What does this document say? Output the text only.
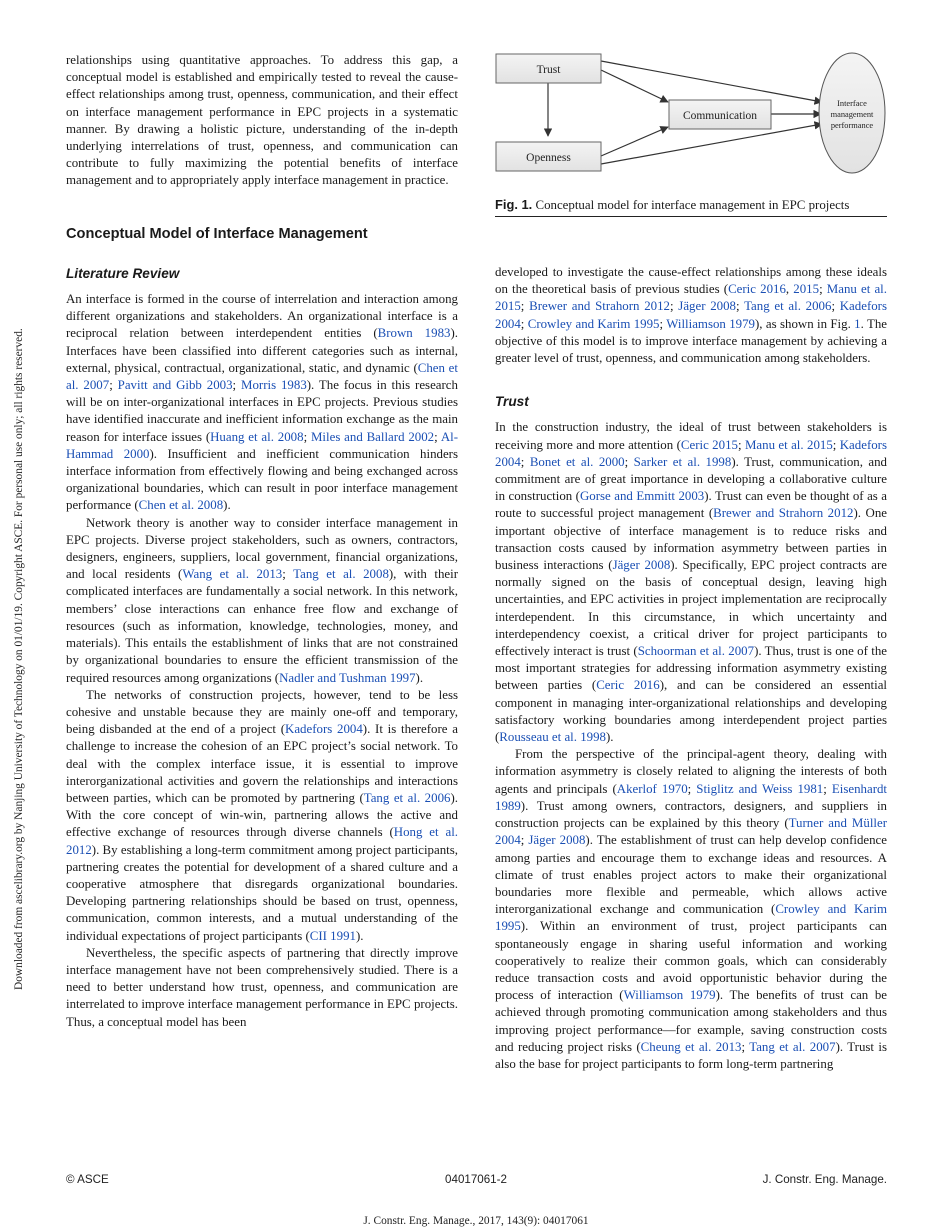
Downloaded from ascelibrary.org by Nanjing University of Technology on 01/01/19. Copyright ASCE. For personal use only; all rights reserved.
Trust
Openness
Communication
Interface
management
performance
Fig. 1. Conceptual model for interface management in EPC projects

relationships using quantitative approaches. To address this gap, a conceptual model is established and empirically tested to reveal the cause-effect relationships among trust, openness, communication, and their effect on interface management performance in EPC projects in a systematic manner. By drawing a holistic picture, understanding of the in-depth underlying interrelations of trust, openness, and communication can contribute to fully maximizing the potential benefits of interface management and to appropriately apply interface management in practice.

Conceptual Model of Interface Management
Literature Review

An interface is formed in the course of interrelation and interaction among different organizations and stakeholders. An organizational interface is a reciprocal relation between interdependent entities (Brown 1983). Interfaces have been classified into different categories such as internal, external, physical, contractual, organizational, static, and dynamic (Chen et al. 2007; Pavitt and Gibb 2003; Morris 1983). The focus in this research will be on inter-organizational interfaces in EPC projects. Previous studies have identified inaccurate and inefficient information exchange as the main reason for interface issues (Huang et al. 2008; Miles and Ballard 2002; Al-Hammad 2000). Insufficient and inefficient communication hinders interface information from effectively flowing and being exchanged across organizational boundaries, which can result in poor interface management performance (Chen et al. 2008).

Network theory is another way to consider interface management in EPC projects. Diverse project stakeholders, such as owners, contractors, designers, engineers, suppliers, local government, financial organizations, and local residents (Wang et al. 2013; Tang et al. 2008), with their complicated interfaces are fundamentally a social network. In this network, members’ close interactions can enhance free flow and exchange of resources (such as information, knowledge, technologies, money, and materials). This entails the establishment of links that are not constrained by organizational boundaries to ensure the efficient transmission of the required resources among organizations (Nadler and Tushman 1997).

The networks of construction projects, however, tend to be less cohesive and unstable because they are mainly one-off and temporary, being disbanded at the end of a project (Kadefors 2004). It is therefore a challenge to increase the cohesion of an EPC project’s social network. To deal with the complex interface issue, it is essential to improve interorganizational activities and govern the relationships and interactions between parties, which can be promoted by partnering (Tang et al. 2006). With the core concept of win-win, partnering allows the active and effective exchange of resources through diverse channels (Hong et al. 2012). By establishing a long-term commitment among project participants, partnering creates the potential for development of a shared culture and a cooperative atmosphere that disregards organizational boundaries. Developing partnering relationships should be based on trust, openness, communication, common interests, and a mutual understanding of the individual expectations of project participants (CII 1991).

Nevertheless, the specific aspects of partnering that directly improve interface management have not been comprehensively studied. There is a need to better understand how trust, openness, and communication are interrelated to improve interface management performance in EPC projects. Thus, a conceptual model has been

developed to investigate the cause-effect relationships among these ideals on the theoretical basis of previous studies (Ceric 2016, 2015; Manu et al. 2015; Brewer and Strahorn 2012; Jäger 2008; Tang et al. 2006; Kadefors 2004; Crowley and Karim 1995; Williamson 1979), as shown in Fig. 1. The objective of this model is to improve interface management by achieving a greater level of trust, openness, and communication among stakeholders.

Trust

In the construction industry, the ideal of trust between stakeholders is receiving more and more attention (Ceric 2015; Manu et al. 2015; Kadefors 2004; Bonet et al. 2000; Sarker et al. 1998). Trust, communication, and commitment are of great importance in developing a collaborative culture in construction (Gorse and Emmitt 2003). Trust can even be thought of as a route to successful project management (Brewer and Strahorn 2012). One important objective of interface management is to reduce risks and transaction costs caused by information asymmetry between parties in business interactions (Jäger 2008). Specifically, EPC project contracts are normally signed on the basis of conceptual design, leaving high uncertainties, and EPC activities in project implementation are reciprocally interdependent. In this circumstance, in which uncertainty and interdependency coexist, a critical driver for project participants to effectively interact is trust (Schoorman et al. 2007). Thus, trust is one of the most important strategies for addressing information asymmetry existing between parties (Ceric 2016), and can be considered an essential component in managing inter-organizational relationships and developing satisfactory working boundaries among interdependent project parties (Rousseau et al. 1998).

From the perspective of the principal-agent theory, dealing with information asymmetry is closely related to aligning the interests of both agents and principals (Akerlof 1970; Stiglitz and Weiss 1981; Eisenhardt 1989). Trust among owners, contractors, designers, and suppliers in construction projects can be explained by this theory (Turner and Müller 2004; Jäger 2008). The establishment of trust can help develop confidence among parties and encourage them to exchange ideas and resources. A climate of trust enables project actors to make their organizational boundaries more flexible and permeable, which allows active interorganizational exchange and communication (Crowley and Karim 1995). Within an environment of trust, project participants can spontaneously engage in sharing useful information and working cooperatively to realize their common goals, which can considerably reduce transaction costs and avoid opportunistic behavior during the process of interaction (Williamson 1979). The benefits of trust can be achieved through promoting communication among stakeholders and thus improving project performance—for example, saving construction costs and reducing project risks (Cheung et al. 2013; Tang et al. 2007). Trust is also the base for project participants to form long-term partnering

© ASCE	04017061-2	J. Constr. Eng. Manage.
J. Constr. Eng. Manage., 2017, 143(9): 04017061
